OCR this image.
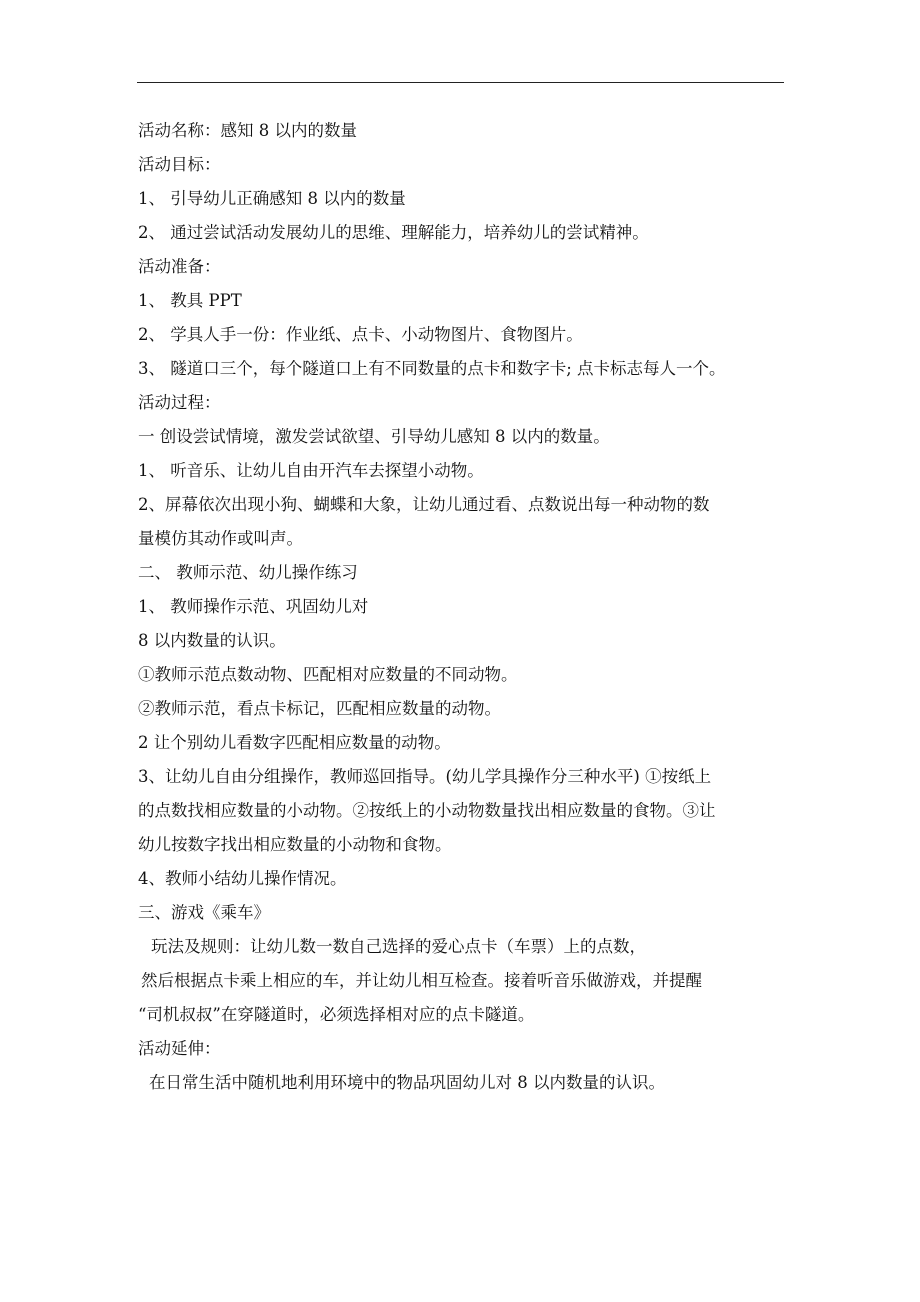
活动名称：感知 8 以内的数量
活动目标：
1、 引导幼儿正确感知 8 以内的数量
2、 通过尝试活动发展幼儿的思维、理解能力，培养幼儿的尝试精神。
活动准备：
1、 教具 PPT
2、 学具人手一份：作业纸、点卡、小动物图片、食物图片。
3、 隧道口三个，每个隧道口上有不同数量的点卡和数字卡; 点卡标志每人一个。
活动过程：
一 创设尝试情境，激发尝试欲望、引导幼儿感知 8 以内的数量。
1、 听音乐、让幼儿自由开汽车去探望小动物。
2、屏幕依次出现小狗、蝴蝶和大象，让幼儿通过看、点数说出每一种动物的数
量模仿其动作或叫声。
二、 教师示范、幼儿操作练习
1、 教师操作示范、巩固幼儿对
8 以内数量的认识。
①教师示范点数动物、匹配相对应数量的不同动物。
②教师示范，看点卡标记，匹配相应数量的动物。
2 让个别幼儿看数字匹配相应数量的动物。
3、让幼儿自由分组操作，教师巡回指导。(幼儿学具操作分三种水平) ①按纸上
的点数找相应数量的小动物。②按纸上的小动物数量找出相应数量的食物。③让
幼儿按数字找出相应数量的小动物和食物。
4、教师小结幼儿操作情况。
三、游戏《乘车》
玩法及规则：让幼儿数一数自己选择的爱心点卡（车票）上的点数，
然后根据点卡乘上相应的车，并让幼儿相互检查。接着听音乐做游戏，并提醒
“司机叔叔”在穿隧道时，必须选择相对应的点卡隧道。
活动延伸：
在日常生活中随机地利用环境中的物品巩固幼儿对 8 以内数量的认识。
